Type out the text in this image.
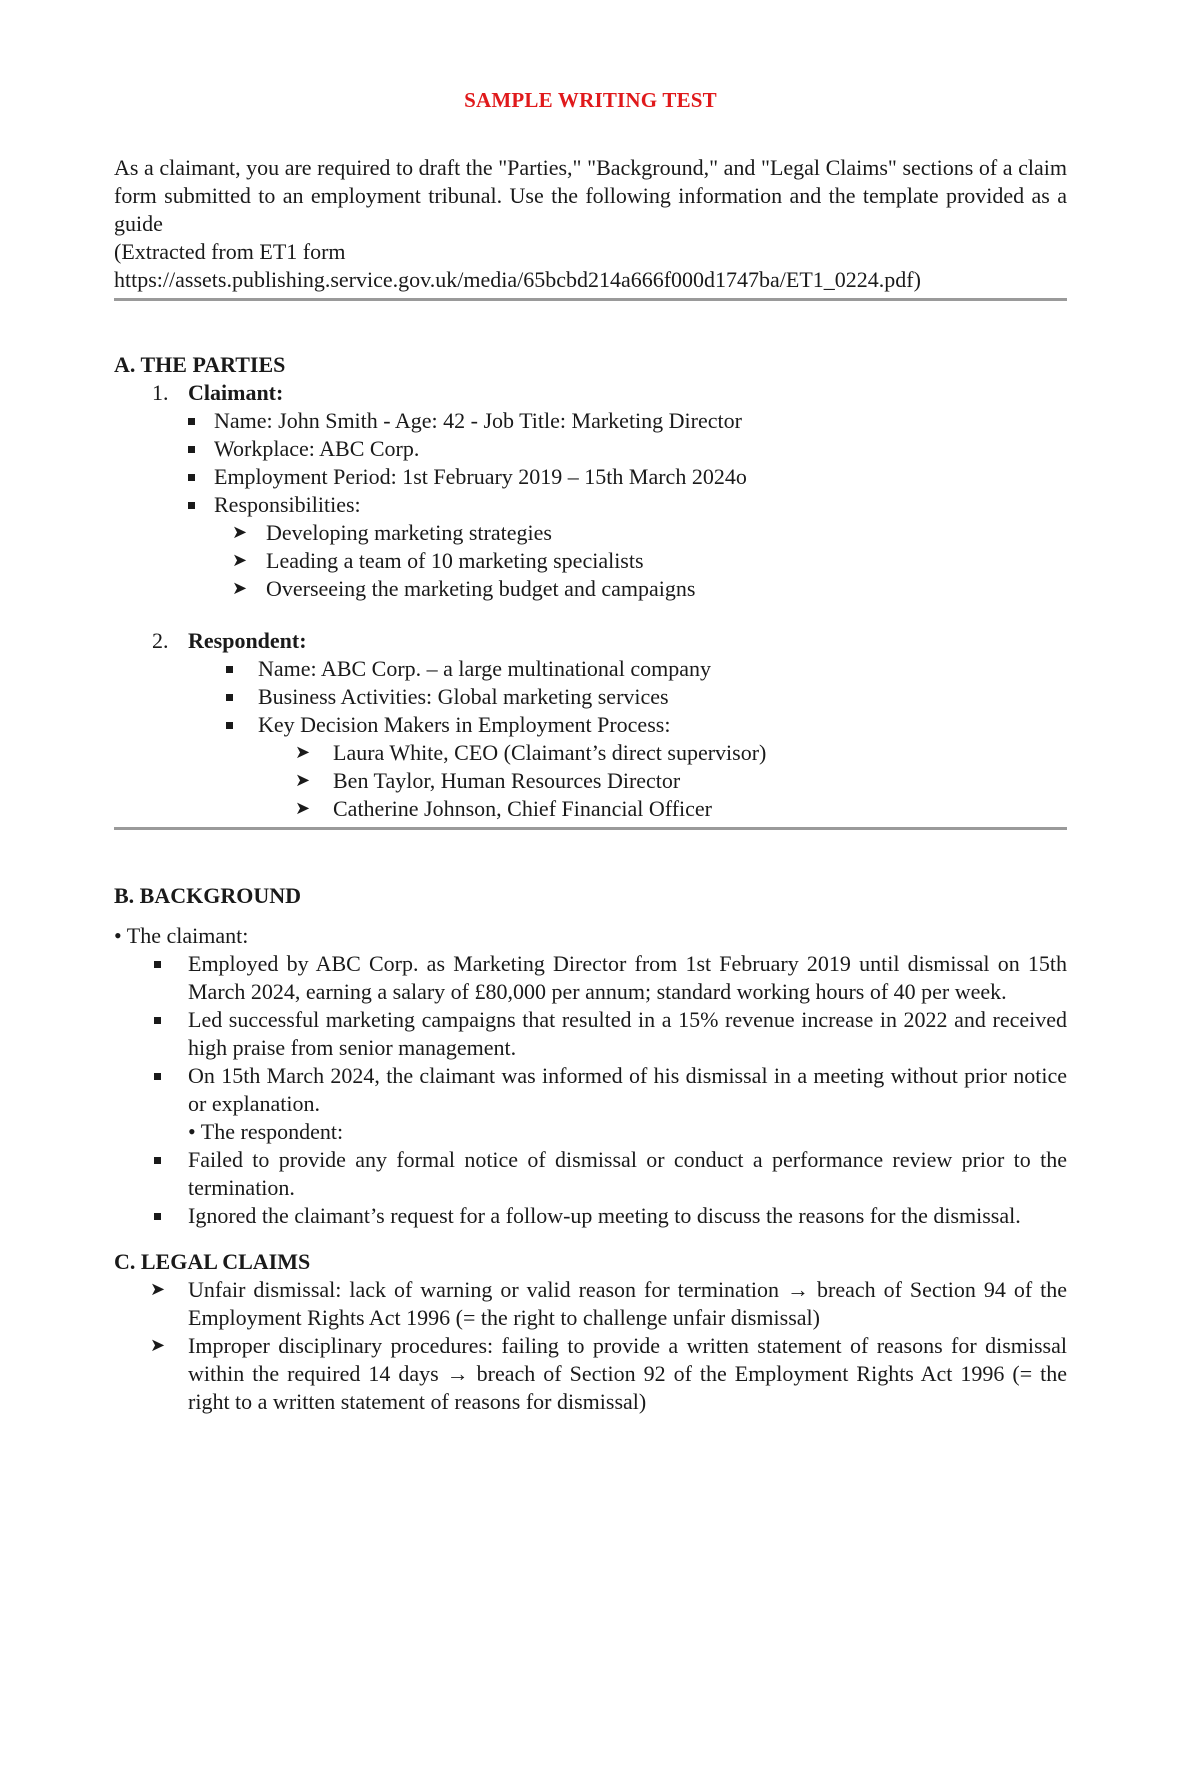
SAMPLE WRITING TEST

As a claimant, you are required to draft the "Parties," "Background," and "Legal Claims" sections of a claim form submitted to an employment tribunal. Use the following information and the template provided as a guide

(Extracted from ET1 form

https://assets.publishing.service.gov.uk/media/65bcbd214a666f000d1747ba/ET1_0224.pdf)

A. THE PARTIES

1. Claimant:
Name: John Smith - Age: 42 - Job Title: Marketing Director
Workplace: ABC Corp.
Employment Period: 1st February 2019 – 15th March 2024o
Responsibilities:
➤ Developing marketing strategies
➤ Leading a team of 10 marketing specialists
➤ Overseeing the marketing budget and campaigns
2. Respondent:
Name: ABC Corp. – a large multinational company
Business Activities: Global marketing services
Key Decision Makers in Employment Process:
➤ Laura White, CEO (Claimant’s direct supervisor)
➤ Ben Taylor, Human Resources Director
➤ Catherine Johnson, Chief Financial Officer

B. BACKGROUND

• The claimant:

Employed by ABC Corp. as Marketing Director from 1st February 2019 until dismissal on 15th March 2024, earning a salary of £80,000 per annum; standard working hours of 40 per week.
Led successful marketing campaigns that resulted in a 15% revenue increase in 2022 and received high praise from senior management.
On 15th March 2024, the claimant was informed of his dismissal in a meeting without prior notice or explanation.
• The respondent:
Failed to provide any formal notice of dismissal or conduct a performance review prior to the termination.
Ignored the claimant’s request for a follow-up meeting to discuss the reasons for the dismissal.

C. LEGAL CLAIMS

➤ Unfair dismissal: lack of warning or valid reason for termination → breach of Section 94 of the Employment Rights Act 1996 (= the right to challenge unfair dismissal)
➤ Improper disciplinary procedures: failing to provide a written statement of reasons for dismissal within the required 14 days → breach of Section 92 of the Employment Rights Act 1996 (= the right to a written statement of reasons for dismissal)
